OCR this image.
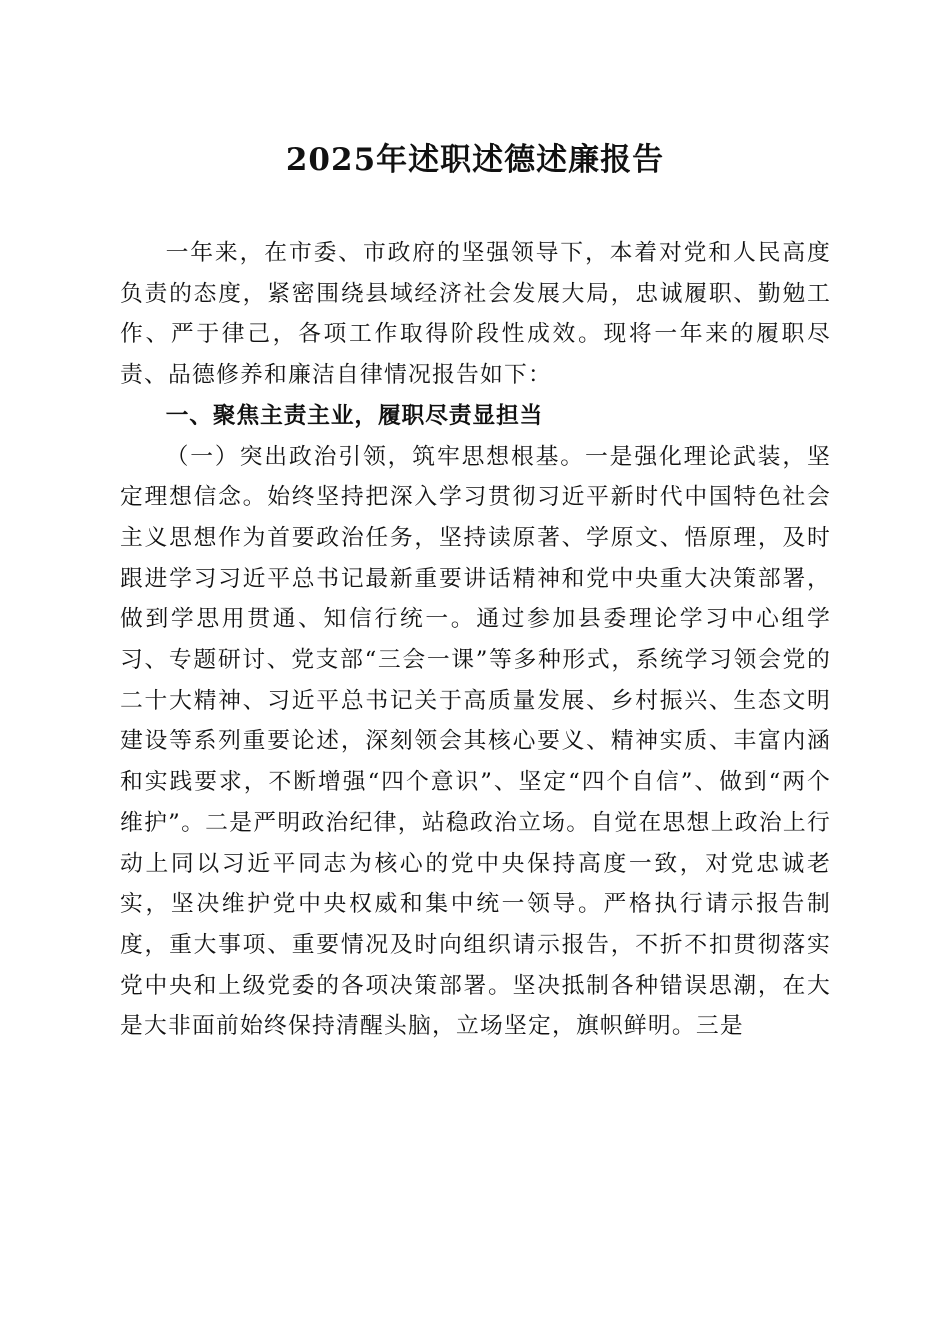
2025年述职述德述廉报告

一年来，在市委、市政府的坚强领导下，本着对党和人民高度负责的态度，紧密围绕县域经济社会发展大局，忠诚履职、勤勉工作、严于律己，各项工作取得阶段性成效。现将一年来的履职尽责、品德修养和廉洁自律情况报告如下：

一、聚焦主责主业，履职尽责显担当

（一）突出政治引领，筑牢思想根基。一是强化理论武装，坚定理想信念。始终坚持把深入学习贯彻习近平新时代中国特色社会主义思想作为首要政治任务，坚持读原著、学原文、悟原理，及时跟进学习习近平总书记最新重要讲话精神和党中央重大决策部署，做到学思用贯通、知信行统一。通过参加县委理论学习中心组学习、专题研讨、党支部“三会一课”等多种形式，系统学习领会党的二十大精神、习近平总书记关于高质量发展、乡村振兴、生态文明建设等系列重要论述，深刻领会其核心要义、精神实质、丰富内涵和实践要求，不断增强“四个意识”、坚定“四个自信”、做到“两个维护”。二是严明政治纪律，站稳政治立场。自觉在思想上政治上行动上同以习近平同志为核心的党中央保持高度一致，对党忠诚老实，坚决维护党中央权威和集中统一领导。严格执行请示报告制度，重大事项、重要情况及时向组织请示报告，不折不扣贯彻落实党中央和上级党委的各项决策部署。坚决抵制各种错误思潮，在大是大非面前始终保持清醒头脑，立场坚定，旗帜鲜明。三是
